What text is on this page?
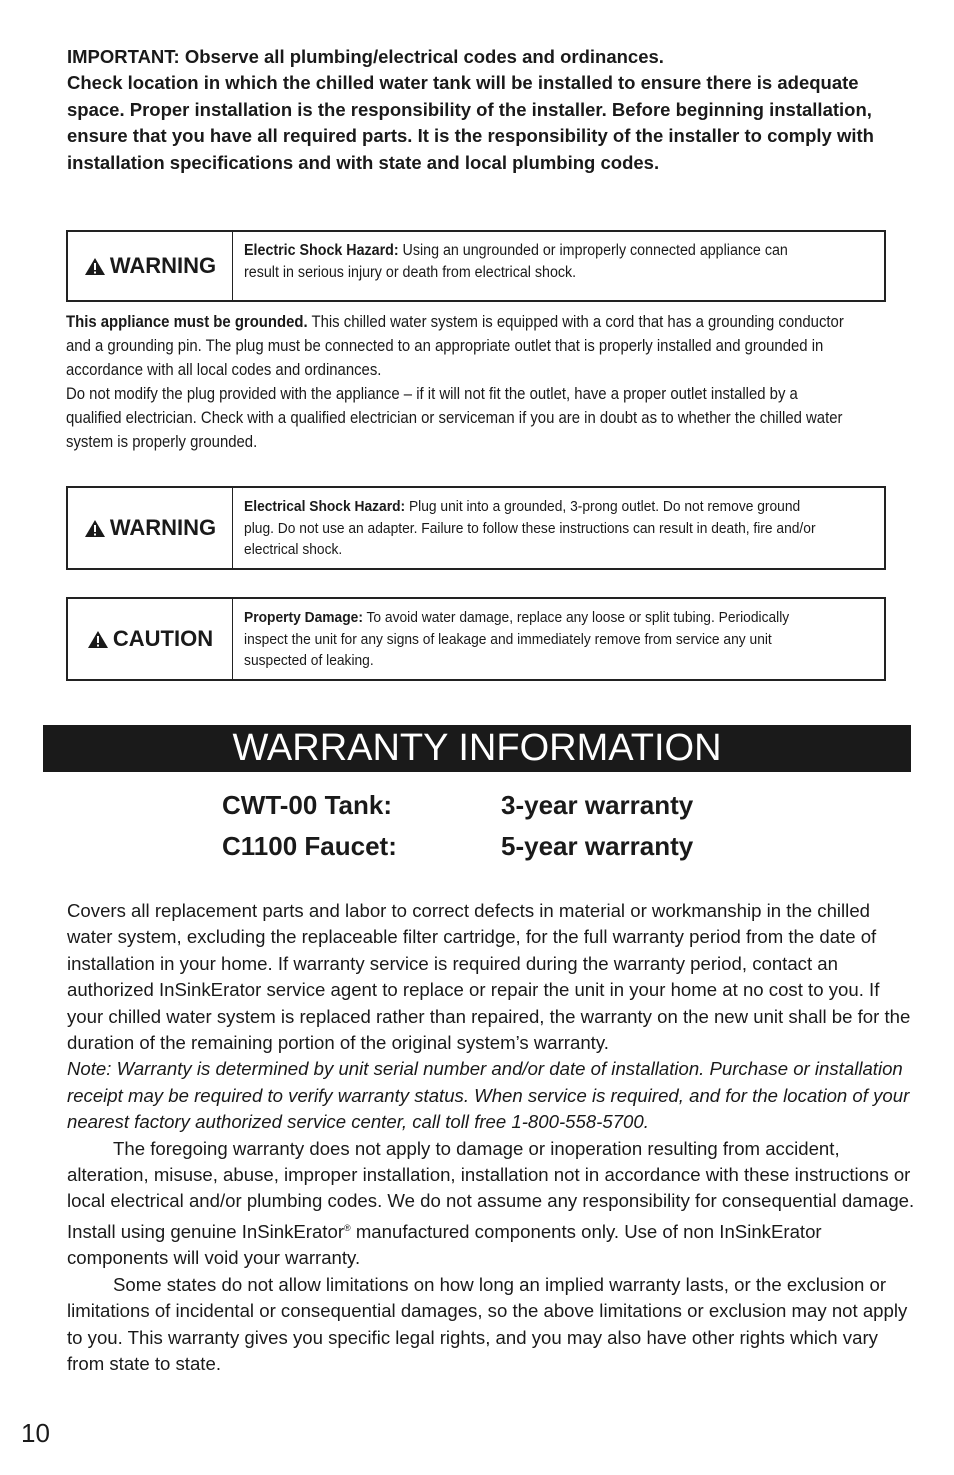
IMPORTANT: Observe all plumbing/electrical codes and ordinances.

Check location in which the chilled water tank will be installed to ensure there is adequate space. Proper installation is the responsibility of the installer. Before beginning installation, ensure that you have all required parts. It is the responsibility of the installer to comply with installation specifications and with state and local plumbing codes.

WARNING
Electric Shock Hazard: Using an ungrounded or improperly connected appliance can result in serious injury or death from electrical shock.

This appliance must be grounded. This chilled water system is equipped with a cord that has a grounding conductor and a grounding pin. The plug must be connected to an appropriate outlet that is properly installed and grounded in accordance with all local codes and ordinances.

Do not modify the plug provided with the appliance – if it will not fit the outlet, have a proper outlet installed by a qualified electrician. Check with a qualified electrician or serviceman if you are in doubt as to whether the chilled water system is properly grounded.

WARNING
Electrical Shock Hazard: Plug unit into a grounded, 3-prong outlet. Do not remove ground plug. Do not use an adapter. Failure to follow these instructions can result in death, fire and/or electrical shock.
CAUTION
Property Damage: To avoid water damage, replace any loose or split tubing. Periodically inspect the unit for any signs of leakage and immediately remove from service any unit suspected of leaking.
WARRANTY INFORMATION
CWT-00 Tank:	3-year warranty
C1100 Faucet:	5-year warranty

Covers all replacement parts and labor to correct defects in material or workmanship in the chilled water system, excluding the replaceable filter cartridge, for the full warranty period from the date of installation in your home. If warranty service is required during the warranty period, contact an authorized InSinkErator service agent to replace or repair the unit in your home at no cost to you. If your chilled water system is replaced rather than repaired, the warranty on the new unit shall be for the duration of the remaining portion of the original system’s warranty.

Note: Warranty is determined by unit serial number and/or date of installation. Purchase or installation receipt may be required to verify warranty status. When service is required, and for the location of your nearest factory authorized service center, call toll free 1-800-558-5700.

The foregoing warranty does not apply to damage or inoperation resulting from accident, alteration, misuse, abuse, improper installation, installation not in accordance with these instructions or local electrical and/or plumbing codes. We do not assume any responsibility for consequential damage. Install using genuine InSinkErator® manufactured components only. Use of non InSinkErator components will void your warranty.

Some states do not allow limitations on how long an implied warranty lasts, or the exclusion or limitations of incidental or consequential damages, so the above limitations or exclusion may not apply to you. This warranty gives you specific legal rights, and you may also have other rights which vary from state to state.

10
